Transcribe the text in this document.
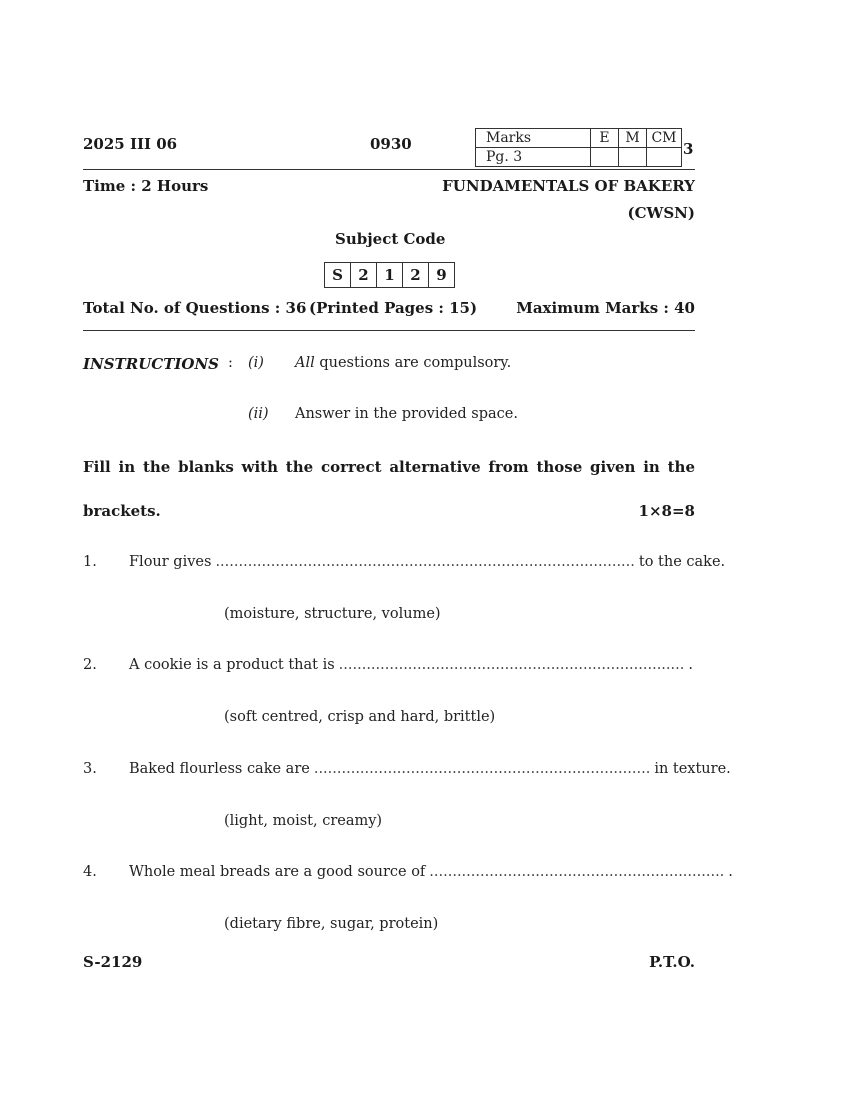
2025 III 06	0930	Marks	E	M	CM
Pg. 3				3
Time : 2 Hours	FUNDAMENTALS OF BAKERY
(CWSN)
Subject Code
S	2	1	2	9
Total No. of Questions : 36 (Printed Pages : 15)	Maximum Marks : 40
INSTRUCTIONS : (i) All questions are compulsory.
(ii) Answer in the provided space.
Fill in the blanks with the correct alternative from those given in the
brackets.	1×8=8
1. Flour gives ........................................................................................... to the cake.
(moisture, structure, volume)
2. A cookie is a product that is ........................................................................... .
(soft centred, crisp and hard, brittle)
3. Baked flourless cake are ......................................................................... in texture.
(light, moist, creamy)
4. Whole meal breads are a good source of ................................................................ .
(dietary fibre, sugar, protein)
S-2129	P.T.O.
